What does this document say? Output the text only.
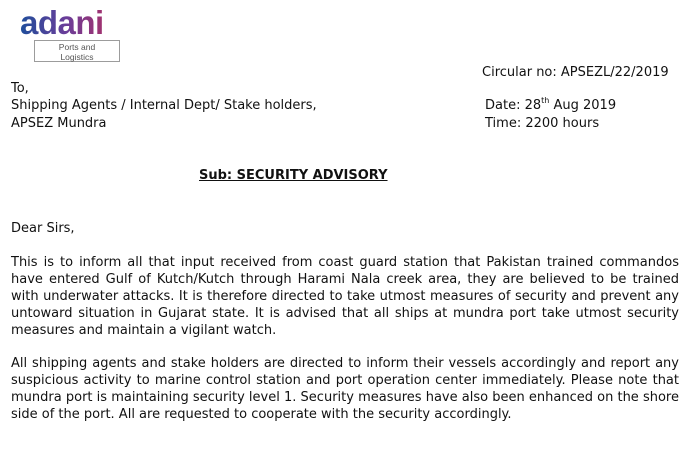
adani
Ports and
Logistics
Circular no: APSEZL/22/2019
To,
Shipping Agents / Internal Dept/ Stake holders,
APSEZ Mundra
Date: 28th Aug 2019
Time: 2200 hours
Sub: SECURITY ADVISORY
Dear Sirs,
This is to inform all that input received from coast guard station that Pakistan trained commandos have entered Gulf of Kutch/Kutch through Harami Nala creek area, they are believed to be trained with underwater attacks. It is therefore directed to take utmost measures of security and prevent any untoward situation in Gujarat state. It is advised that all ships at mundra port take utmost security measures and maintain a vigilant watch.
All shipping agents and stake holders are directed to inform their vessels accordingly and report any suspicious activity to marine control station and port operation center immediately. Please note that mundra port is maintaining security level 1. Security measures have also been enhanced on the shore side of the port. All are requested to cooperate with the security accordingly.
